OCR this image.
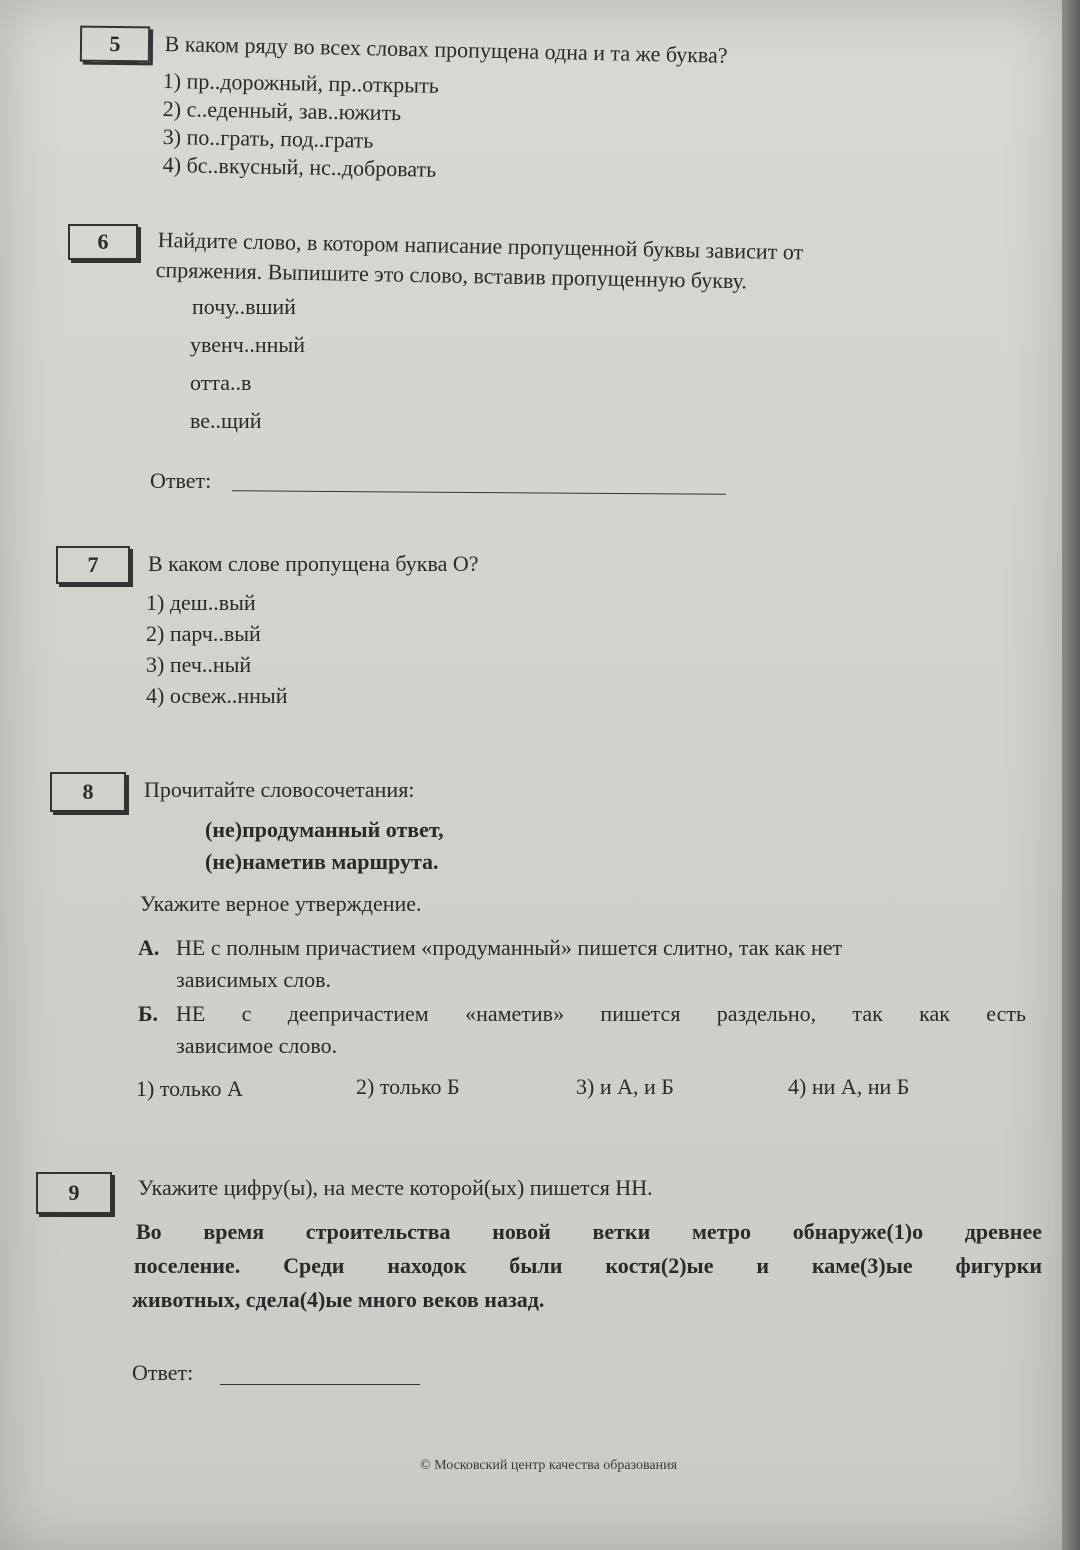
5	В каком ряду во всех словах пропущена одна и та же буква?
1) пр..дорожный, пр..открыть
2) с..еденный, зав..южить
3) по..грать, под..грать
4) бс..вкусный, нс..добровать
6	Найдите слово, в котором написание пропущенной буквы зависит от
спряжения. Выпишите это слово, вставив пропущенную букву.
почу..вший
увенч..нный
отта..в
ве..щий
Ответ:
7	В каком слове пропущена буква О?
1) деш..вый
2) парч..вый
3) печ..ный
4) освеж..нный
8	Прочитайте словосочетания:
(не)продуманный ответ,
(не)наметив маршрута.
Укажите верное утверждение.
А. НЕ с полным причастием «продуманный» пишется слитно, так как нет
зависимых слов.
Б. НЕ с деепричастием «наметив» пишется раздельно, так как есть
зависимое слово.
1) только А	2) только Б	3) и А, и Б	4) ни А, ни Б
9	Укажите цифру(ы), на месте которой(ых) пишется НН.
Во время строительства новой ветки метро обнаруже(1)о древнее
поселение. Среди находок были костя(2)ые и каме(3)ые фигурки
животных, сдела(4)ые много веков назад.
Ответ:
© Московский центр качества образования
